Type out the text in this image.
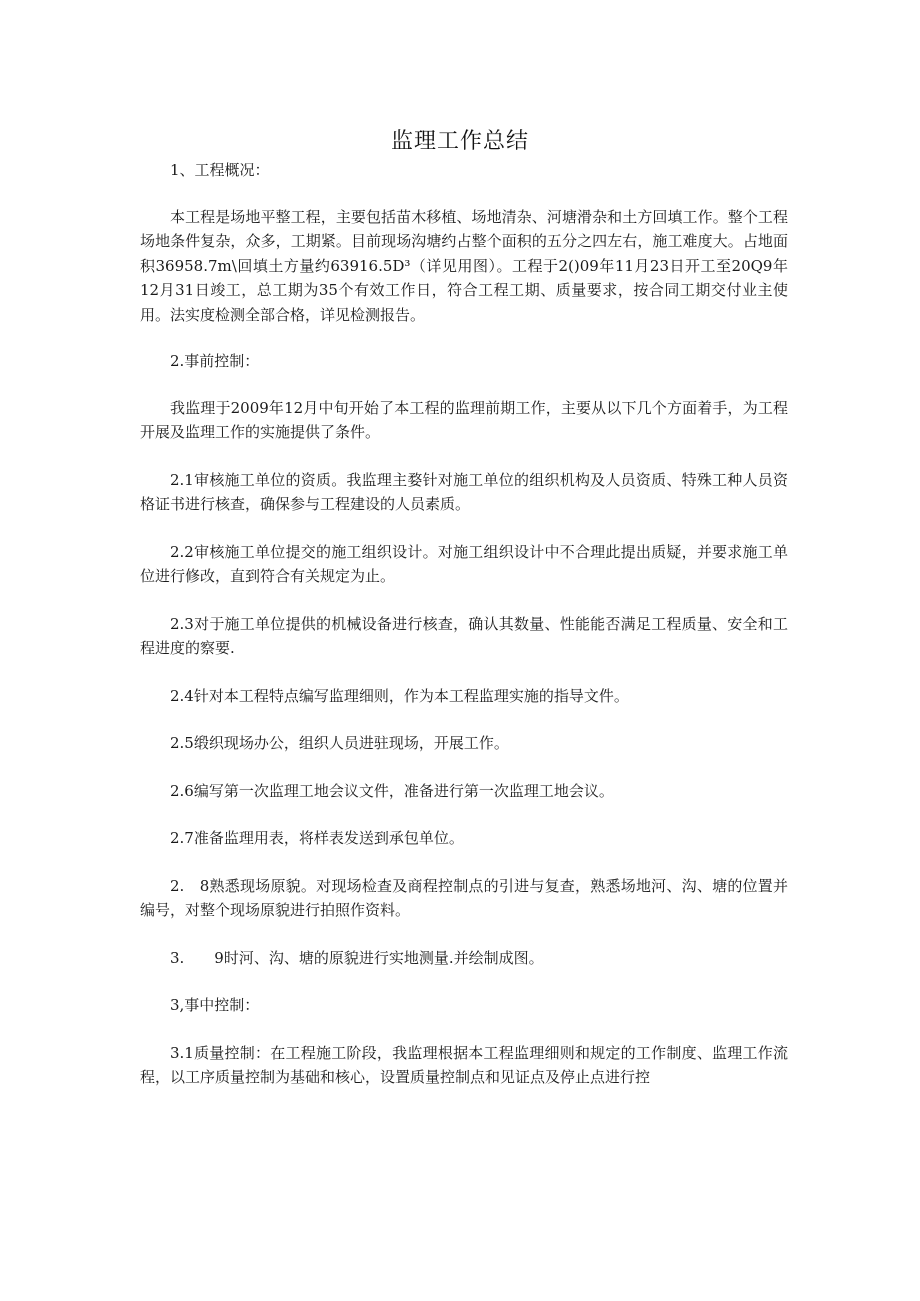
监理工作总结

1、工程概况：

本工程是场地平整工程，主要包括苗木移植、场地清杂、河塘滑杂和土方回填工作。整个工程场地条件复杂，众多，工期紧。目前现场沟塘约占整个面积的五分之四左右，施工难度大。占地面积36958.7m\回填土方量约63916.5D³（详见用图）。工程于2()09年11月23日开工至20Q9年12月31日竣工，总工期为35个有效工作日，符合工程工期、质量要求，按合同工期交付业主使用。法实度检测全部合格，详见检测报告。

2.事前控制：

我监理于2009年12月中旬开始了本工程的监理前期工作，主要从以下几个方面着手，为工程开展及监理工作的实施提供了条件。

2.1审核施工单位的资质。我监理主婺针对施工单位的组织机构及人员资质、特殊工种人员资格证书进行核查，确保参与工程建设的人员素质。

2.2审核施工单位提交的施工组织设计。对施工组织设计中不合理此提出质疑，并要求施工单位进行修改，直到符合有关规定为止。

2.3对于施工单位提供的机械设备进行核查，确认其数量、性能能否满足工程质量、安全和工程进度的察要.

2.4针对本工程特点编写监理细则，作为本工程监理实施的指导文件。

2.5缎织现场办公，组织人员进驻现场，开展工作。

2.6编写第一次监理工地会议文件，准备进行第一次监理工地会议。

2.7准备监理用表，将样表发送到承包单位。

2.　8熟悉现场原貌。对现场检查及商程控制点的引进与复查，熟悉场地河、沟、塘的位置并编号，对整个现场原貌进行拍照作资料。

3.　　9时河、沟、塘的原貌进行实地测量.并绘制成图。

3,事中控制：

3.1质量控制：在工程施工阶段，我监理根据本工程监理细则和规定的工作制度、监理工作流程，以工序质量控制为基础和核心，设置质量控制点和见证点及停止点进行控
